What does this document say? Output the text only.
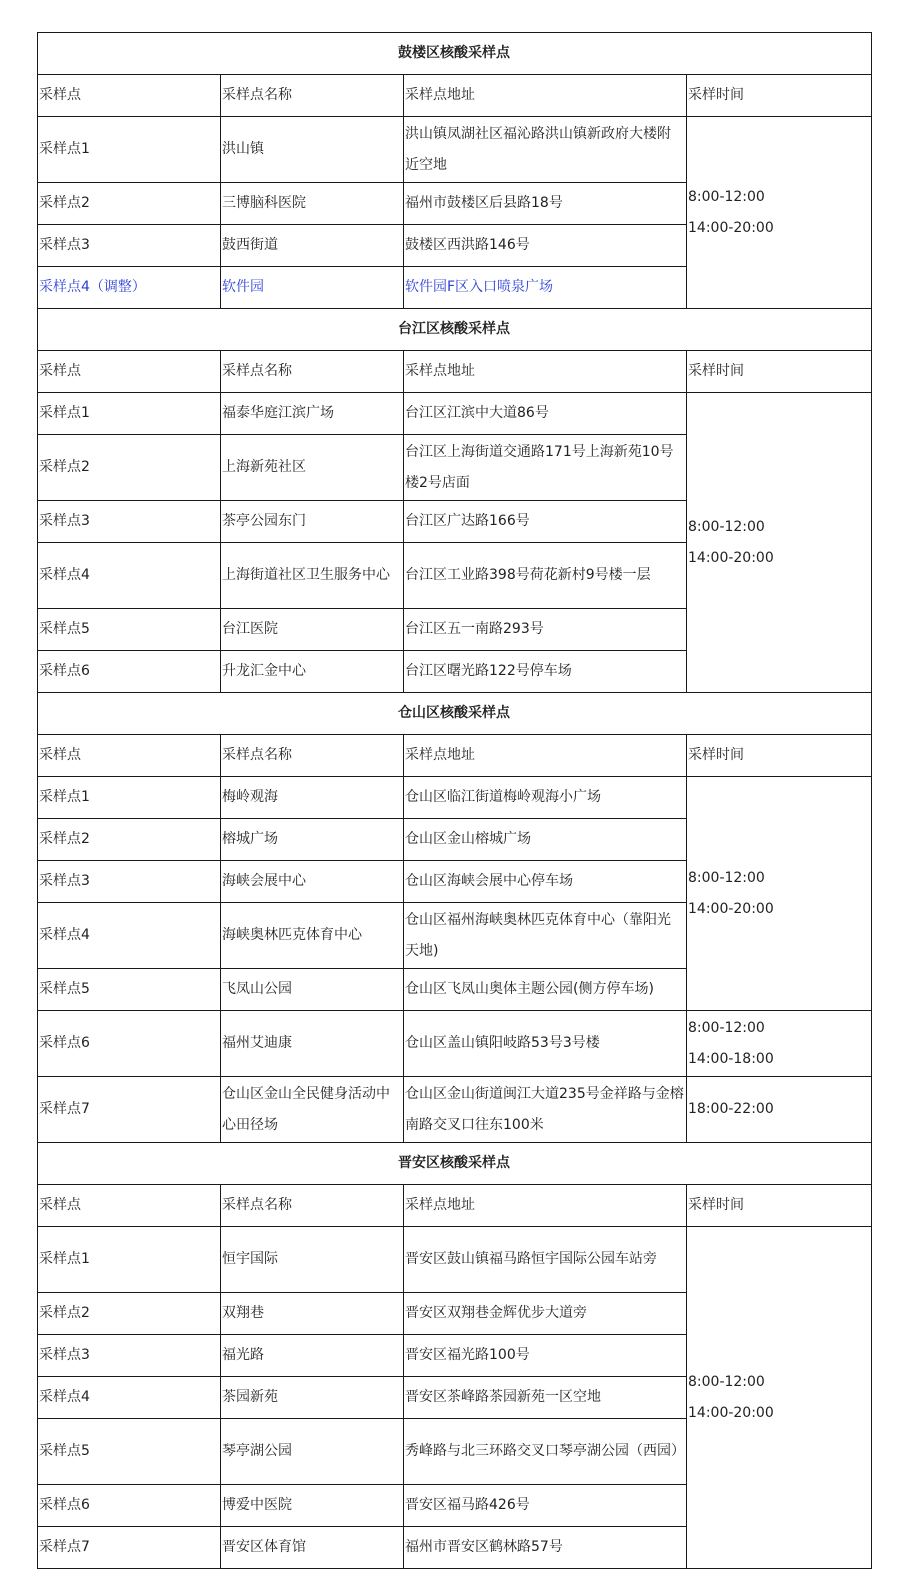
鼓楼区核酸采样点			
采样点	采样点名称	采样点地址	采样时间
采样点1	洪山镇	洪山镇凤湖社区福沁路洪山镇新政府大楼附近空地	8:00-12:00
14:00-20:00
采样点2	三博脑科医院	福州市鼓楼区后县路18号	
采样点3	鼓西街道	鼓楼区西洪路146号	
采样点4（调整）	软件园	软件园F区入口喷泉广场	
台江区核酸采样点			
采样点	采样点名称	采样点地址	采样时间
采样点1	福泰华庭江滨广场	台江区江滨中大道86号	8:00-12:00
14:00-20:00
采样点2	上海新苑社区	台江区上海街道交通路171号上海新苑10号楼2号店面	
采样点3	茶亭公园东门	台江区广达路166号	
采样点4	上海街道社区卫生服务中心	台江区工业路398号荷花新村9号楼一层	
采样点5	台江医院	台江区五一南路293号	
采样点6	升龙汇金中心	台江区曙光路122号停车场	
仓山区核酸采样点			
采样点	采样点名称	采样点地址	采样时间
采样点1	梅岭观海	仓山区临江街道梅岭观海小广场	8:00-12:00
14:00-20:00
采样点2	榕城广场	仓山区金山榕城广场	
采样点3	海峡会展中心	仓山区海峡会展中心停车场	
采样点4	海峡奥林匹克体育中心	仓山区福州海峡奥林匹克体育中心（靠阳光天地)	
采样点5	飞凤山公园	仓山区飞凤山奥体主题公园(侧方停车场)	
采样点6	福州艾迪康	仓山区盖山镇阳岐路53号3号楼	8:00-12:00
14:00-18:00
采样点7	仓山区金山全民健身活动中心田径场	仓山区金山街道闽江大道235号金祥路与金榕南路交叉口往东100米	18:00-22:00
晋安区核酸采样点			
采样点	采样点名称	采样点地址	采样时间
采样点1	恒宇国际	晋安区鼓山镇福马路恒宇国际公园车站旁	8:00-12:00
14:00-20:00
采样点2	双翔巷	晋安区双翔巷金辉优步大道旁	
采样点3	福光路	晋安区福光路100号	
采样点4	茶园新苑	晋安区茶峰路茶园新苑一区空地	
采样点5	琴亭湖公园	秀峰路与北三环路交叉口琴亭湖公园（西园）	
采样点6	博爱中医院	晋安区福马路426号	
采样点7	晋安区体育馆	福州市晋安区鹤林路57号	
